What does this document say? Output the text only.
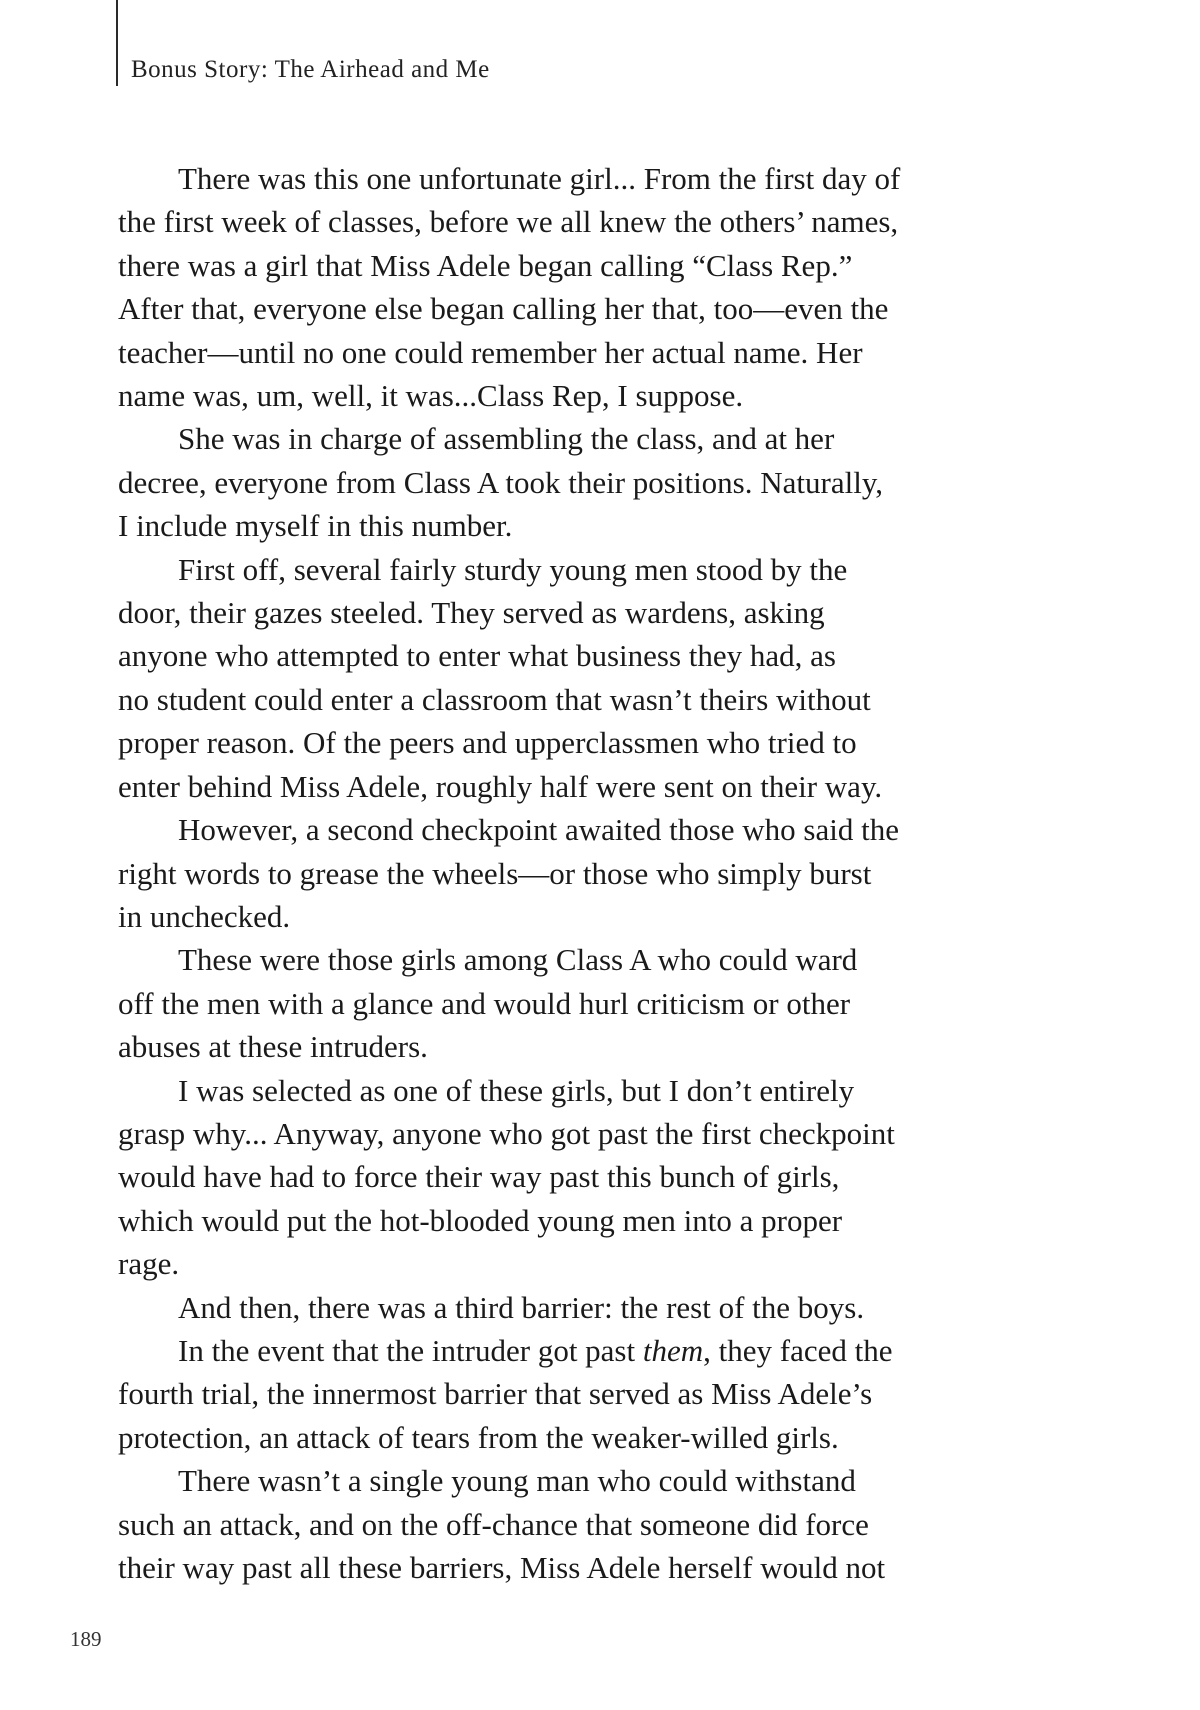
Bonus Story: The Airhead and Me

There was this one unfortunate girl... From the first day of
the first week of classes, before we all knew the others’ names,
there was a girl that Miss Adele began calling “Class Rep.”
After that, everyone else began calling her that, too—even the
teacher—until no one could remember her actual name. Her
name was, um, well, it was...Class Rep, I suppose.

She was in charge of assembling the class, and at her
decree, everyone from Class A took their positions. Naturally,
I include myself in this number.

First off, several fairly sturdy young men stood by the
door, their gazes steeled. They served as wardens, asking
anyone who attempted to enter what business they had, as
no student could enter a classroom that wasn’t theirs without
proper reason. Of the peers and upperclassmen who tried to
enter behind Miss Adele, roughly half were sent on their way.

However, a second checkpoint awaited those who said the
right words to grease the wheels—or those who simply burst
in unchecked.

These were those girls among Class A who could ward
off the men with a glance and would hurl criticism or other
abuses at these intruders.

I was selected as one of these girls, but I don’t entirely
grasp why... Anyway, anyone who got past the first checkpoint
would have had to force their way past this bunch of girls,
which would put the hot-blooded young men into a proper
rage.

And then, there was a third barrier: the rest of the boys.

In the event that the intruder got past them, they faced the
fourth trial, the innermost barrier that served as Miss Adele’s
protection, an attack of tears from the weaker-willed girls.

There wasn’t a single young man who could withstand
such an attack, and on the off-chance that someone did force
their way past all these barriers, Miss Adele herself would not

189
